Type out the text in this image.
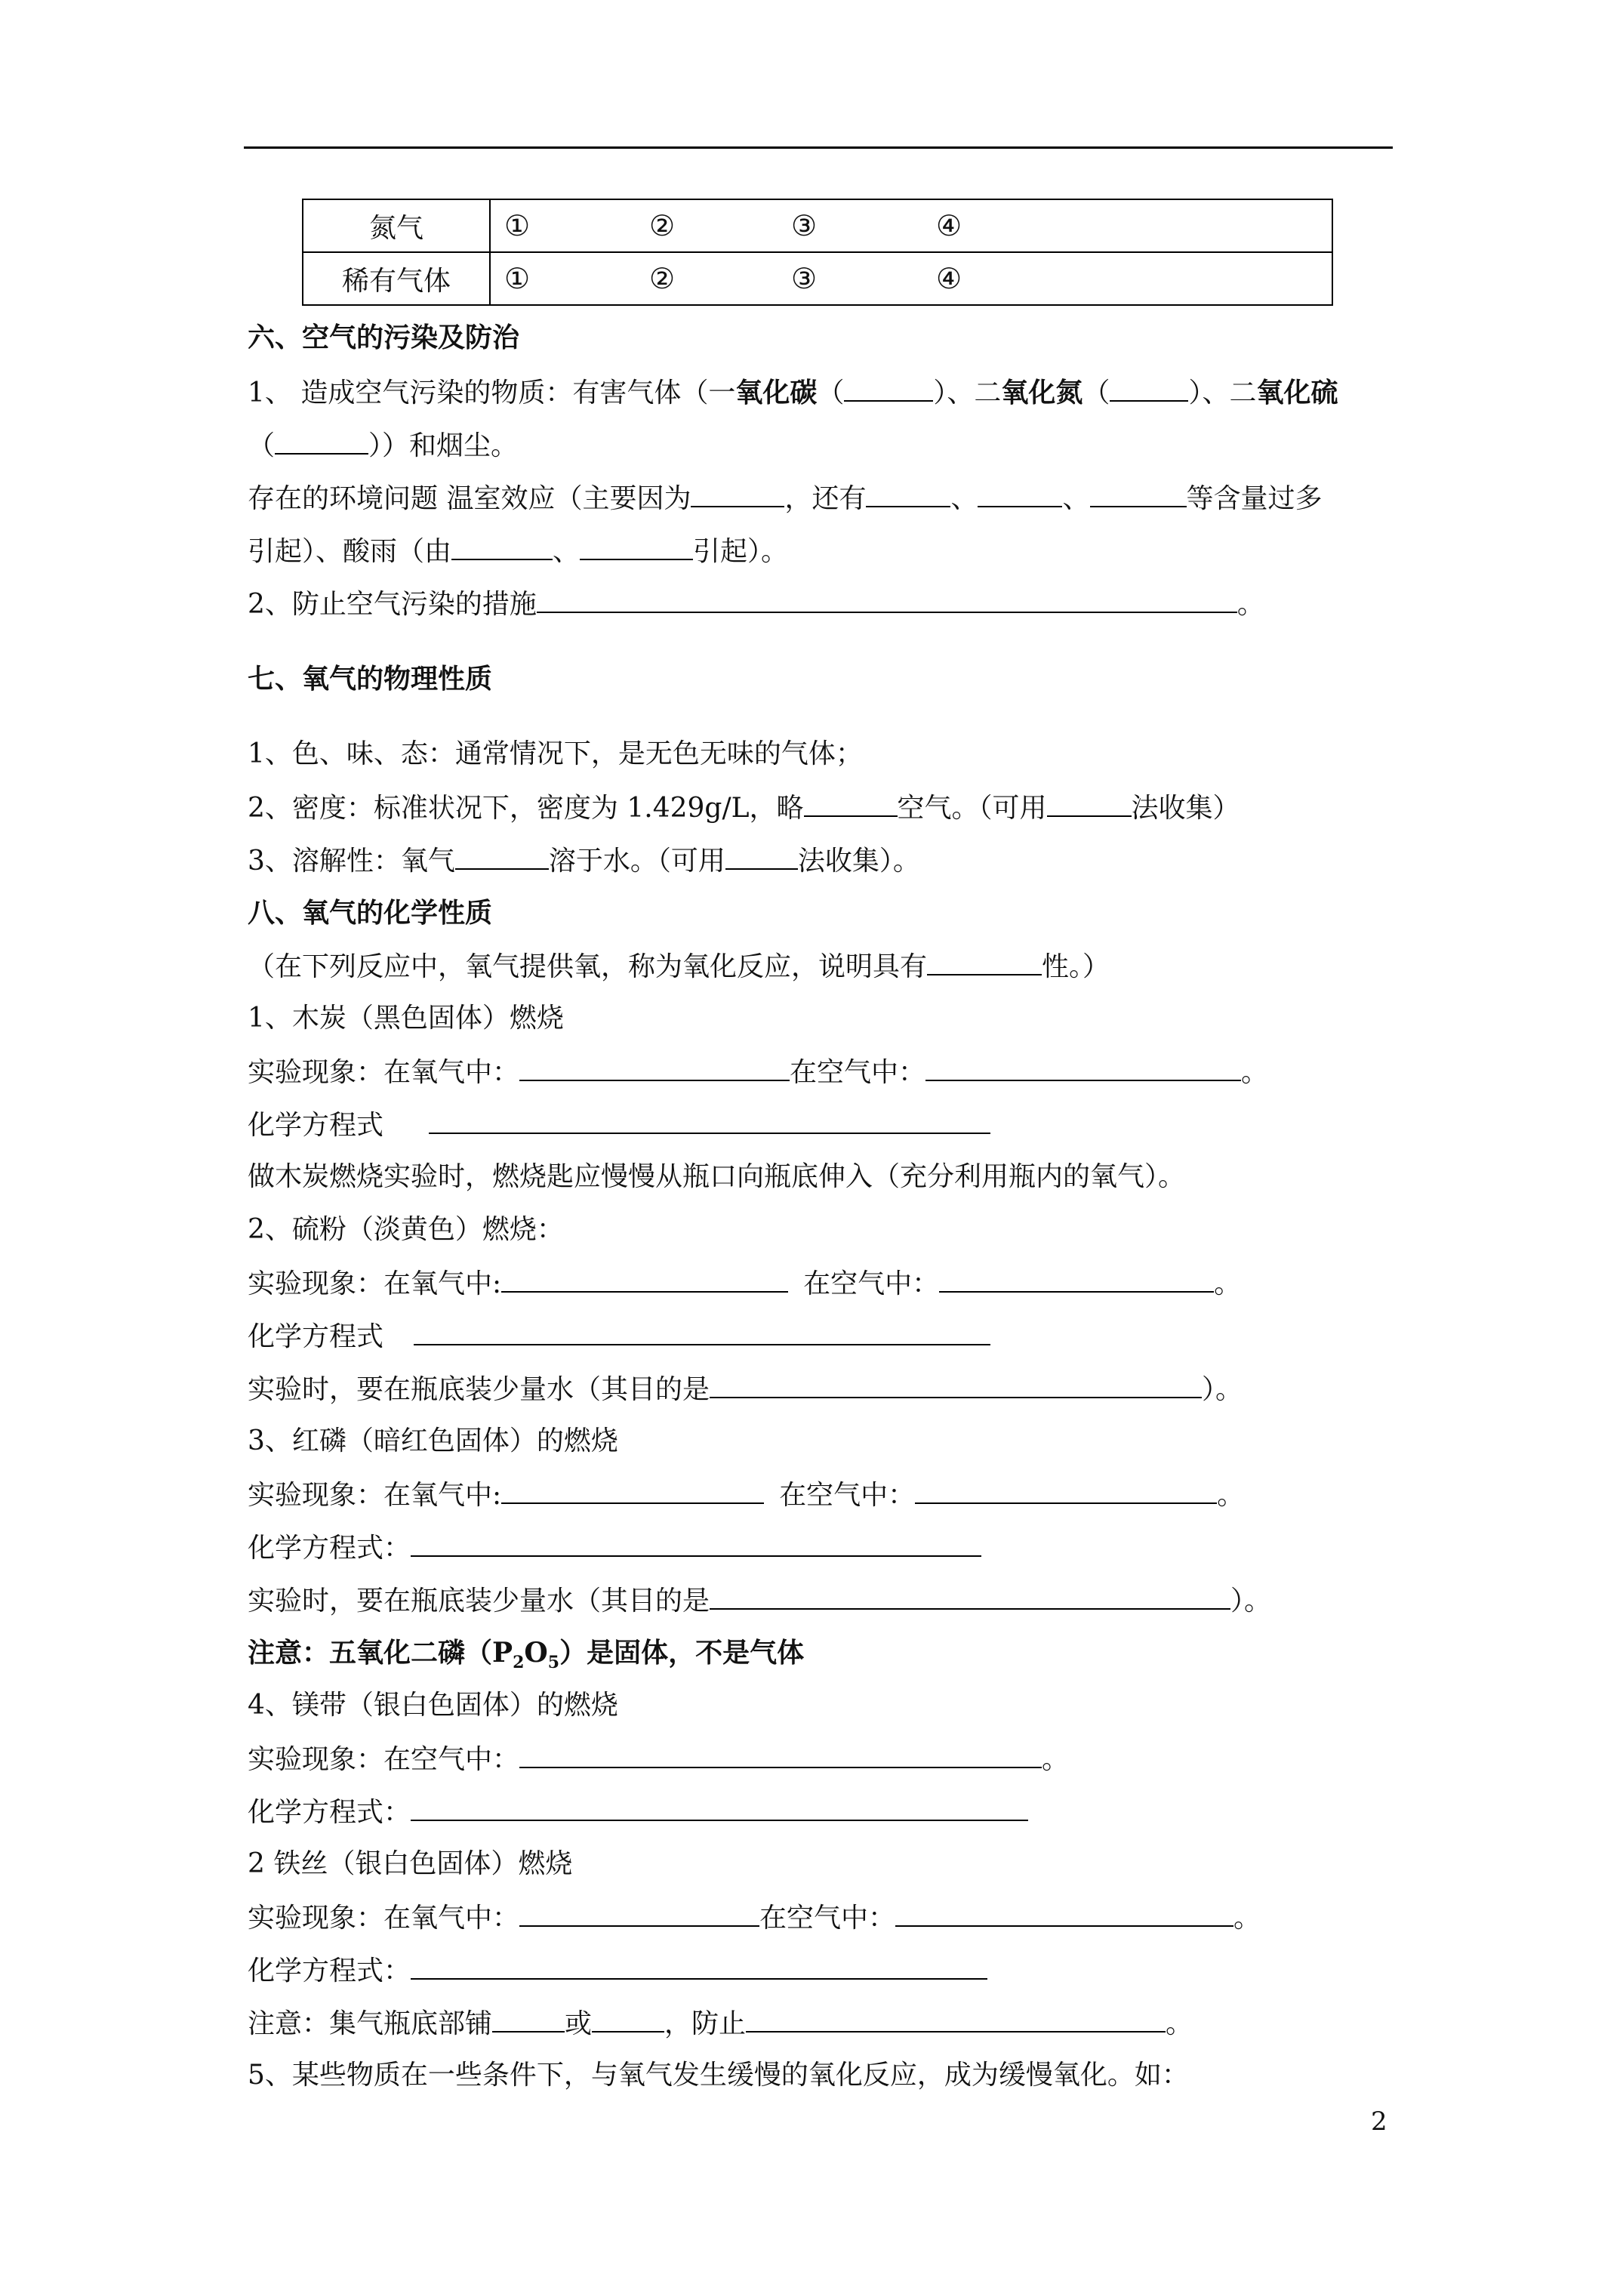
氮气	① ② ③ ④

稀有气体	① ② ③ ④
六、空气的污染及防治
1、 造成空气污染的物质：有害气体（一氧化碳（	）、二氧化氮（	）、二氧化硫
（	））和烟尘。
存在的环境问题 温室效应（主要因为	，还有	、	、	等含量过多
引起）、酸雨（由	、	引起）。
2、防止空气污染的措施	。
七、氧气的物理性质
1、色、味、态：通常情况下，是无色无味的气体；
2、密度：标准状况下，密度为 1.429g/L，略	空气。（可用	法收集）
3、溶解性：氧气	溶于水。（可用	法收集）。
八、氧气的化学性质
（在下列反应中，氧气提供氧，称为氧化反应，说明具有	性。）
1、木炭（黑色固体）燃烧
实验现象：在氧气中：	在空气中：	。
化学方程式
做木炭燃烧实验时，燃烧匙应慢慢从瓶口向瓶底伸入（充分利用瓶内的氧气）。
2、硫粉（淡黄色）燃烧：
实验现象：在氧气中:	在空气中：	。
化学方程式
实验时，要在瓶底装少量水（其目的是	）。
3、红磷（暗红色固体）的燃烧
实验现象：在氧气中:	在空气中：	。
化学方程式：
实验时，要在瓶底装少量水（其目的是	）。
注意：五氧化二磷$(P_2O_5)$是固体，不是气体
4、镁带（银白色固体）的燃烧
实验现象：在空气中：	。
化学方程式：
2 铁丝（银白色固体）燃烧
实验现象：在氧气中：	在空气中：	。
化学方程式：
注意：集气瓶底部铺	或	，防止	。
5、某些物质在一些条件下，与氧气发生缓慢的氧化反应，成为缓慢氧化。如：
2
